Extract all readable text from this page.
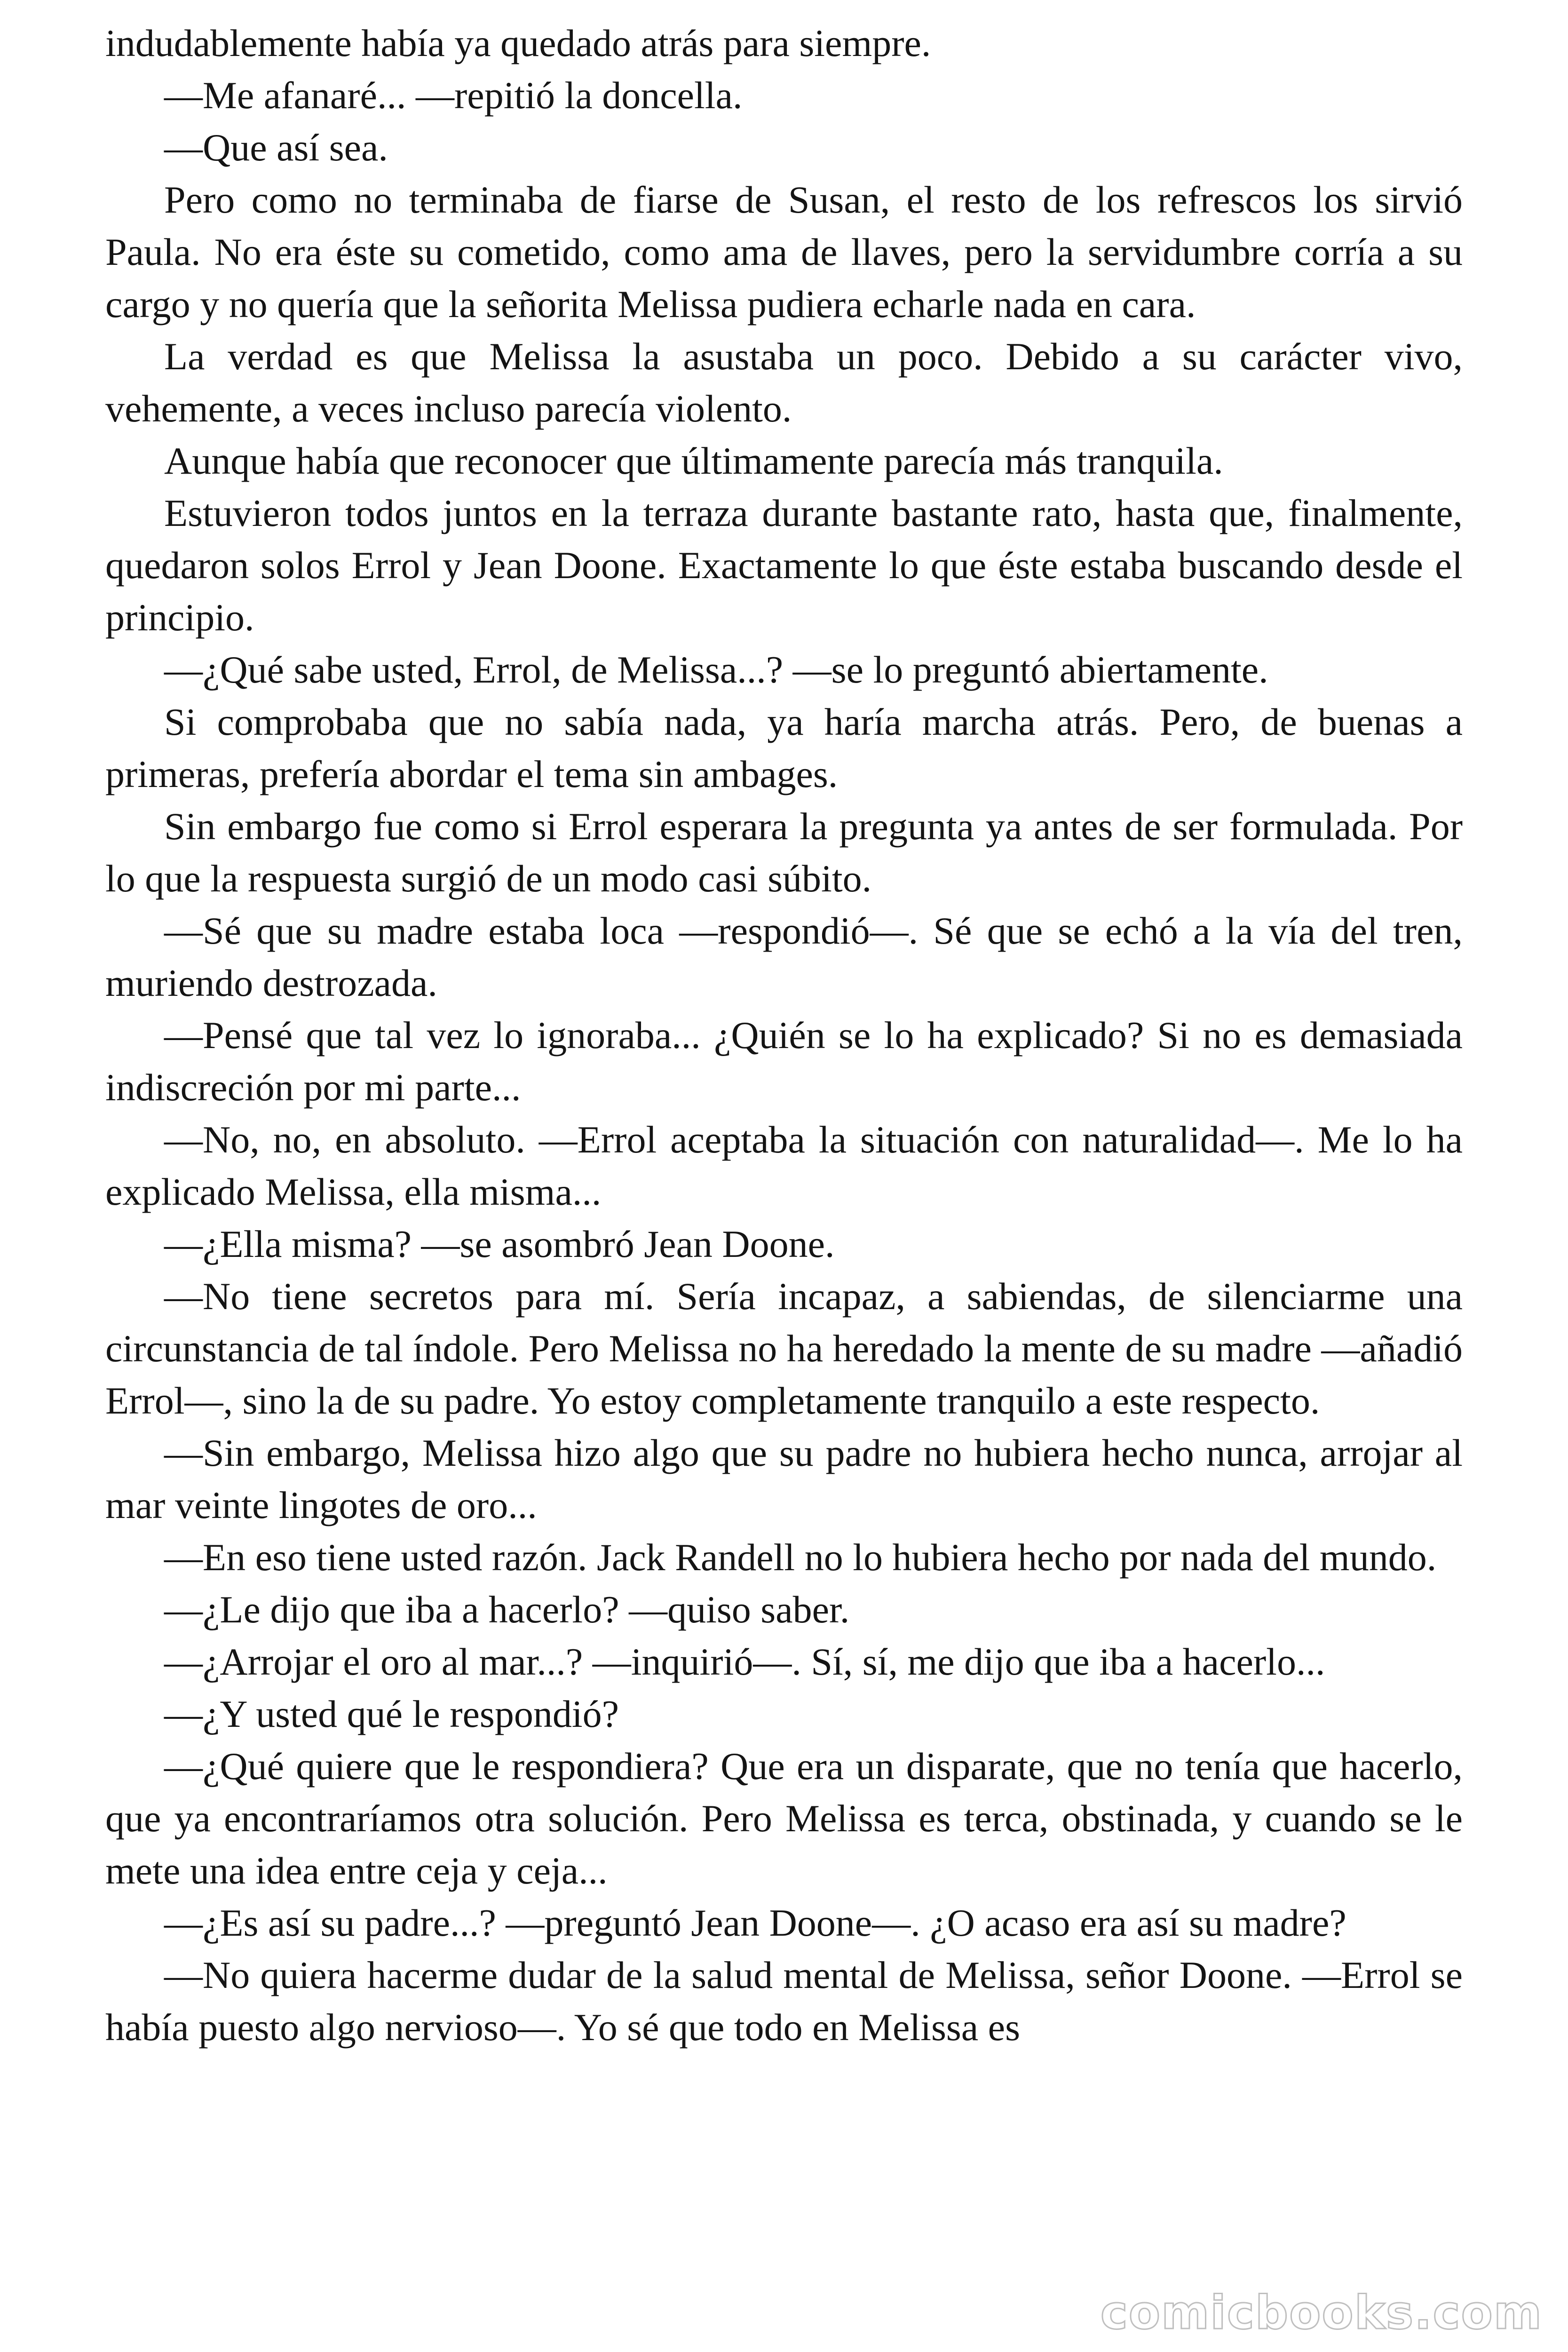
indudablemente había ya quedado atrás para siempre.

—Me afanaré... —repitió la doncella.

—Que así sea.

Pero como no terminaba de fiarse de Susan, el resto de los refrescos los sirvió Paula. No era éste su cometido, como ama de llaves, pero la servidumbre corría a su cargo y no quería que la señorita Melissa pudiera echarle nada en cara.

La verdad es que Melissa la asustaba un poco. Debido a su carácter vivo, vehemente, a veces incluso parecía violento.

Aunque había que reconocer que últimamente parecía más tranquila.

Estuvieron todos juntos en la terraza durante bastante rato, hasta que, finalmente, quedaron solos Errol y Jean Doone. Exactamente lo que éste estaba buscando desde el principio.

—¿Qué sabe usted, Errol, de Melissa...? —se lo preguntó abiertamente.

Si comprobaba que no sabía nada, ya haría marcha atrás. Pero, de buenas a primeras, prefería abordar el tema sin ambages.

Sin embargo fue como si Errol esperara la pregunta ya antes de ser formulada. Por lo que la respuesta surgió de un modo casi súbito.

—Sé que su madre estaba loca —respondió—. Sé que se echó a la vía del tren, muriendo destrozada.

—Pensé que tal vez lo ignoraba... ¿Quién se lo ha explicado? Si no es demasiada indiscreción por mi parte...

—No, no, en absoluto. —Errol aceptaba la situación con naturalidad—. Me lo ha explicado Melissa, ella misma...

—¿Ella misma? —se asombró Jean Doone.

—No tiene secretos para mí. Sería incapaz, a sabiendas, de silenciarme una circunstancia de tal índole. Pero Melissa no ha heredado la mente de su madre —añadió Errol—, sino la de su padre. Yo estoy completamente tranquilo a este respecto.

—Sin embargo, Melissa hizo algo que su padre no hubiera hecho nunca, arrojar al mar veinte lingotes de oro...

—En eso tiene usted razón. Jack Randell no lo hubiera hecho por nada del mundo.

—¿Le dijo que iba a hacerlo? —quiso saber.

—¿Arrojar el oro al mar...? —inquirió—. Sí, sí, me dijo que iba a hacerlo...

—¿Y usted qué le respondió?

—¿Qué quiere que le respondiera? Que era un disparate, que no tenía que hacerlo, que ya encontraríamos otra solución. Pero Melissa es terca, obstinada, y cuando se le mete una idea entre ceja y ceja...

—¿Es así su padre...? —preguntó Jean Doone—. ¿O acaso era así su madre?

—No quiera hacerme dudar de la salud mental de Melissa, señor Doone. —Errol se había puesto algo nervioso—. Yo sé que todo en Melissa es

comicbooks.com
